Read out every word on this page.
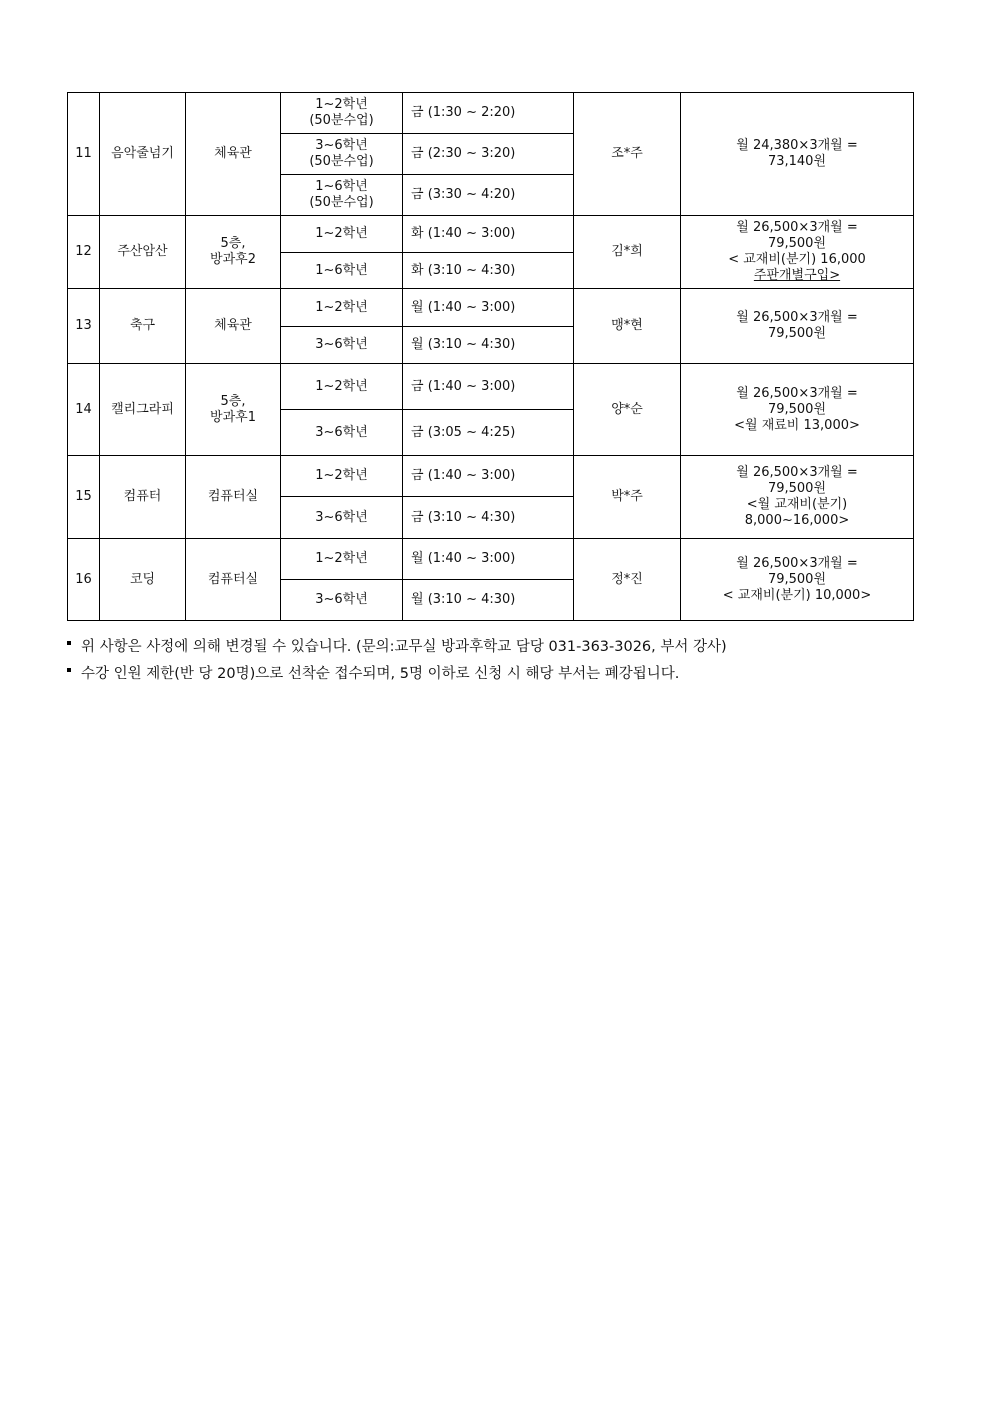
11	음악줄넘기	체육관	1~2학년
(50분수업)	금 (1:30 ~ 2:20)	조*주	월 24,380×3개월 =
73,140원

			3~6학년
(50분수업)	금 (2:30 ~ 3:20)		

			1~6학년
(50분수업)	금 (3:30 ~ 4:20)		
12	주산암산	5층,
방과후2	1~2학년	화 (1:40 ~ 3:00)	김*희	월 26,500×3개월 =
79,500원
< 교재비(분기) 16,000
주판개별구입>

			1~6학년	화 (3:10 ~ 4:30)		
13	축구	체육관	1~2학년	월 (1:40 ~ 3:00)	맹*현	월 26,500×3개월 =
79,500원

			3~6학년	월 (3:10 ~ 4:30)		
14	캘리그라피	5층,
방과후1	1~2학년	금 (1:40 ~ 3:00)	양*순	월 26,500×3개월 =
79,500원
<월 재료비 13,000>

			3~6학년	금 (3:05 ~ 4:25)		
15	컴퓨터	컴퓨터실	1~2학년	금 (1:40 ~ 3:00)	박*주	월 26,500×3개월 =
79,500원
<월 교재비(분기)
8,000~16,000>

			3~6학년	금 (3:10 ~ 4:30)		
16	코딩	컴퓨터실	1~2학년	월 (1:40 ~ 3:00)	정*진	월 26,500×3개월 =
79,500원
< 교재비(분기) 10,000>

			3~6학년	월 (3:10 ~ 4:30)		
위 사항은 사정에 의해 변경될 수 있습니다. (문의:교무실 방과후학교 담당 031-363-3026, 부서 강사)
수강 인원 제한(반 당 20명)으로 선착순 접수되며, 5명 이하로 신청 시 해당 부서는 폐강됩니다.
